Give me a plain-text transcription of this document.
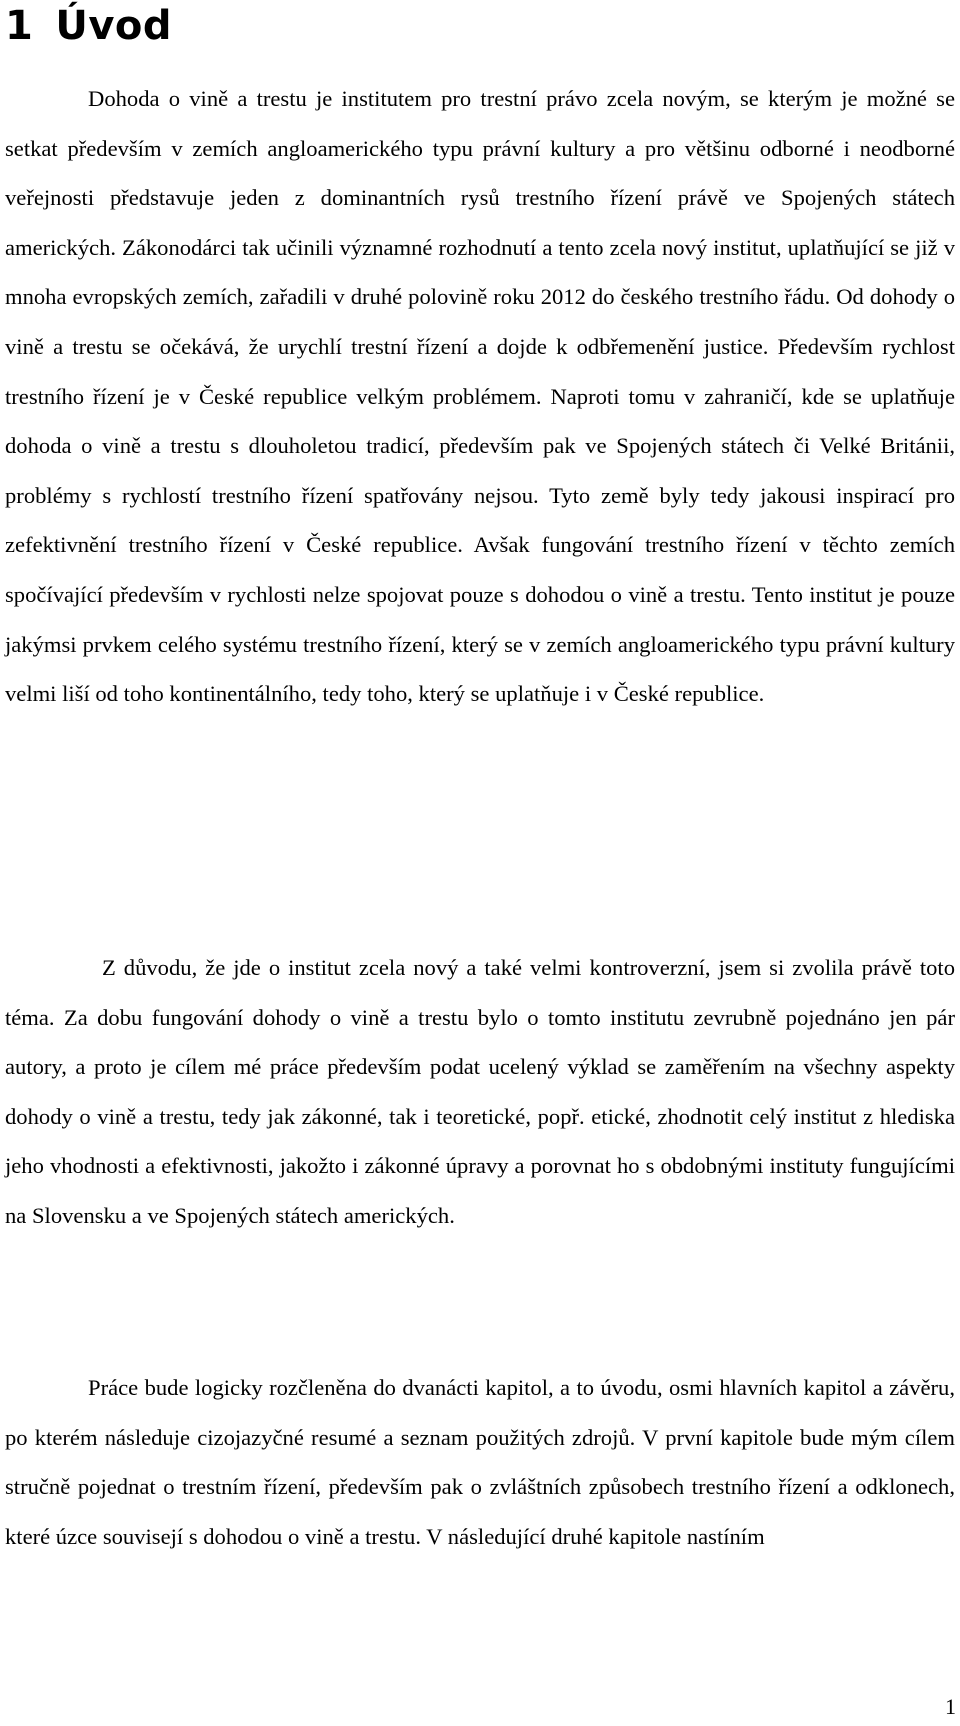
1 Úvod

Dohoda o vině a trestu je institutem pro trestní právo zcela novým, se kterým je možné se setkat především v zemích angloamerického typu právní kultury a pro většinu odborné i neodborné veřejnosti představuje jeden z dominantních rysů trestního řízení právě ve Spojených státech amerických. Zákonodárci tak učinili významné rozhodnutí a tento zcela nový institut, uplatňující se již v mnoha evropských zemích, zařadili v druhé polovině roku 2012 do českého trestního řádu. Od dohody o vině a trestu se očekává, že urychlí trestní řízení a dojde k odbřemenění justice. Především rychlost trestního řízení je v České republice velkým problémem. Naproti tomu v zahraničí, kde se uplatňuje dohoda o vině a trestu s dlouholetou tradicí, především pak ve Spojených státech či Velké Británii, problémy s rychlostí trestního řízení spatřovány nejsou. Tyto země byly tedy jakousi inspirací pro zefektivnění trestního řízení v České republice. Avšak fungování trestního řízení v těchto zemích spočívající především v rychlosti nelze spojovat pouze s dohodou o vině a trestu. Tento institut je pouze jakýmsi prvkem celého systému trestního řízení, který se v zemích angloamerického typu právní kultury velmi liší od toho kontinentálního, tedy toho, který se uplatňuje i v České republice.

Z důvodu, že jde o institut zcela nový a také velmi kontroverzní, jsem si zvolila právě toto téma. Za dobu fungování dohody o vině a trestu bylo o tomto institutu zevrubně pojednáno jen pár autory, a proto je cílem mé práce především podat ucelený výklad se zaměřením na všechny aspekty dohody o vině a trestu, tedy jak zákonné, tak i teoretické, popř. etické, zhodnotit celý institut z hlediska jeho vhodnosti a efektivnosti, jakožto i zákonné úpravy a porovnat ho s obdobnými instituty fungujícími na Slovensku a ve Spojených státech amerických.

Práce bude logicky rozčleněna do dvanácti kapitol, a to úvodu, osmi hlavních kapitol a závěru, po kterém následuje cizojazyčné resumé a seznam použitých zdrojů. V první kapitole bude mým cílem stručně pojednat o trestním řízení, především pak o zvláštních způsobech trestního řízení a odklonech, které úzce souvisejí s dohodou o vině a trestu. V následující druhé kapitole nastíním

1
